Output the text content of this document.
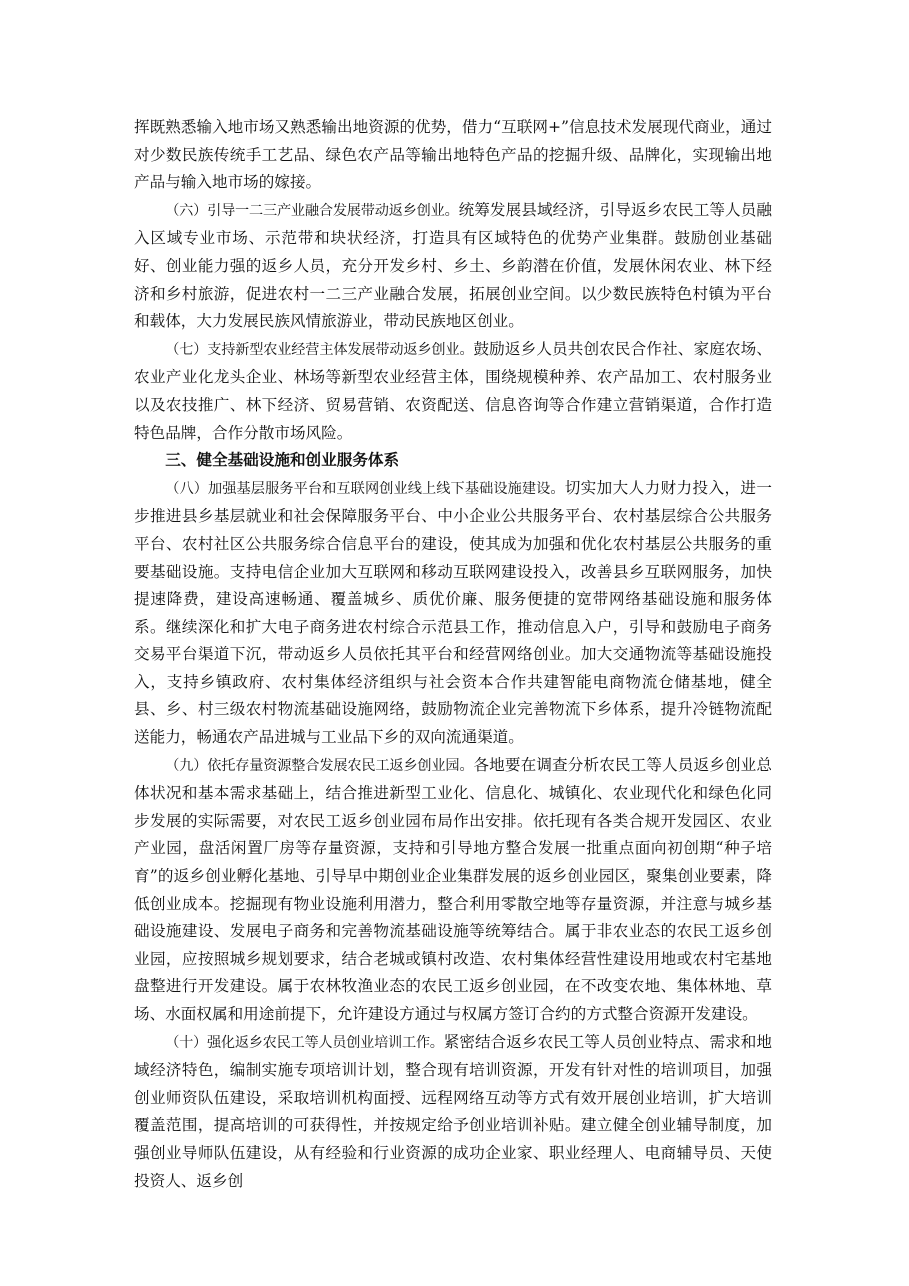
挥既熟悉输入地市场又熟悉输出地资源的优势，借力“互联网+”信息技术发展现代商业，通过对少数民族传统手工艺品、绿色农产品等输出地特色产品的挖掘升级、品牌化，实现输出地产品与输入地市场的嫁接。

（六）引导一二三产业融合发展带动返乡创业。统筹发展县域经济，引导返乡农民工等人员融入区域专业市场、示范带和块状经济，打造具有区域特色的优势产业集群。鼓励创业基础好、创业能力强的返乡人员，充分开发乡村、乡土、乡韵潜在价值，发展休闲农业、林下经济和乡村旅游，促进农村一二三产业融合发展，拓展创业空间。以少数民族特色村镇为平台和载体，大力发展民族风情旅游业，带动民族地区创业。

（七）支持新型农业经营主体发展带动返乡创业。鼓励返乡人员共创农民合作社、家庭农场、农业产业化龙头企业、林场等新型农业经营主体，围绕规模种养、农产品加工、农村服务业以及农技推广、林下经济、贸易营销、农资配送、信息咨询等合作建立营销渠道，合作打造特色品牌，合作分散市场风险。

三、健全基础设施和创业服务体系

（八）加强基层服务平台和互联网创业线上线下基础设施建设。切实加大人力财力投入，进一步推进县乡基层就业和社会保障服务平台、中小企业公共服务平台、农村基层综合公共服务平台、农村社区公共服务综合信息平台的建设，使其成为加强和优化农村基层公共服务的重要基础设施。支持电信企业加大互联网和移动互联网建设投入，改善县乡互联网服务，加快提速降费，建设高速畅通、覆盖城乡、质优价廉、服务便捷的宽带网络基础设施和服务体系。继续深化和扩大电子商务进农村综合示范县工作，推动信息入户，引导和鼓励电子商务交易平台渠道下沉，带动返乡人员依托其平台和经营网络创业。加大交通物流等基础设施投入，支持乡镇政府、农村集体经济组织与社会资本合作共建智能电商物流仓储基地，健全县、乡、村三级农村物流基础设施网络，鼓励物流企业完善物流下乡体系，提升冷链物流配送能力，畅通农产品进城与工业品下乡的双向流通渠道。

（九）依托存量资源整合发展农民工返乡创业园。各地要在调查分析农民工等人员返乡创业总体状况和基本需求基础上，结合推进新型工业化、信息化、城镇化、农业现代化和绿色化同步发展的实际需要，对农民工返乡创业园布局作出安排。依托现有各类合规开发园区、农业产业园，盘活闲置厂房等存量资源，支持和引导地方整合发展一批重点面向初创期“种子培育”的返乡创业孵化基地、引导早中期创业企业集群发展的返乡创业园区，聚集创业要素，降低创业成本。挖掘现有物业设施利用潜力，整合利用零散空地等存量资源，并注意与城乡基础设施建设、发展电子商务和完善物流基础设施等统筹结合。属于非农业态的农民工返乡创业园，应按照城乡规划要求，结合老城或镇村改造、农村集体经营性建设用地或农村宅基地盘整进行开发建设。属于农林牧渔业态的农民工返乡创业园，在不改变农地、集体林地、草场、水面权属和用途前提下，允许建设方通过与权属方签订合约的方式整合资源开发建设。

（十）强化返乡农民工等人员创业培训工作。紧密结合返乡农民工等人员创业特点、需求和地域经济特色，编制实施专项培训计划，整合现有培训资源，开发有针对性的培训项目，加强创业师资队伍建设，采取培训机构面授、远程网络互动等方式有效开展创业培训，扩大培训覆盖范围，提高培训的可获得性，并按规定给予创业培训补贴。建立健全创业辅导制度，加强创业导师队伍建设，从有经验和行业资源的成功企业家、职业经理人、电商辅导员、天使投资人、返乡创
